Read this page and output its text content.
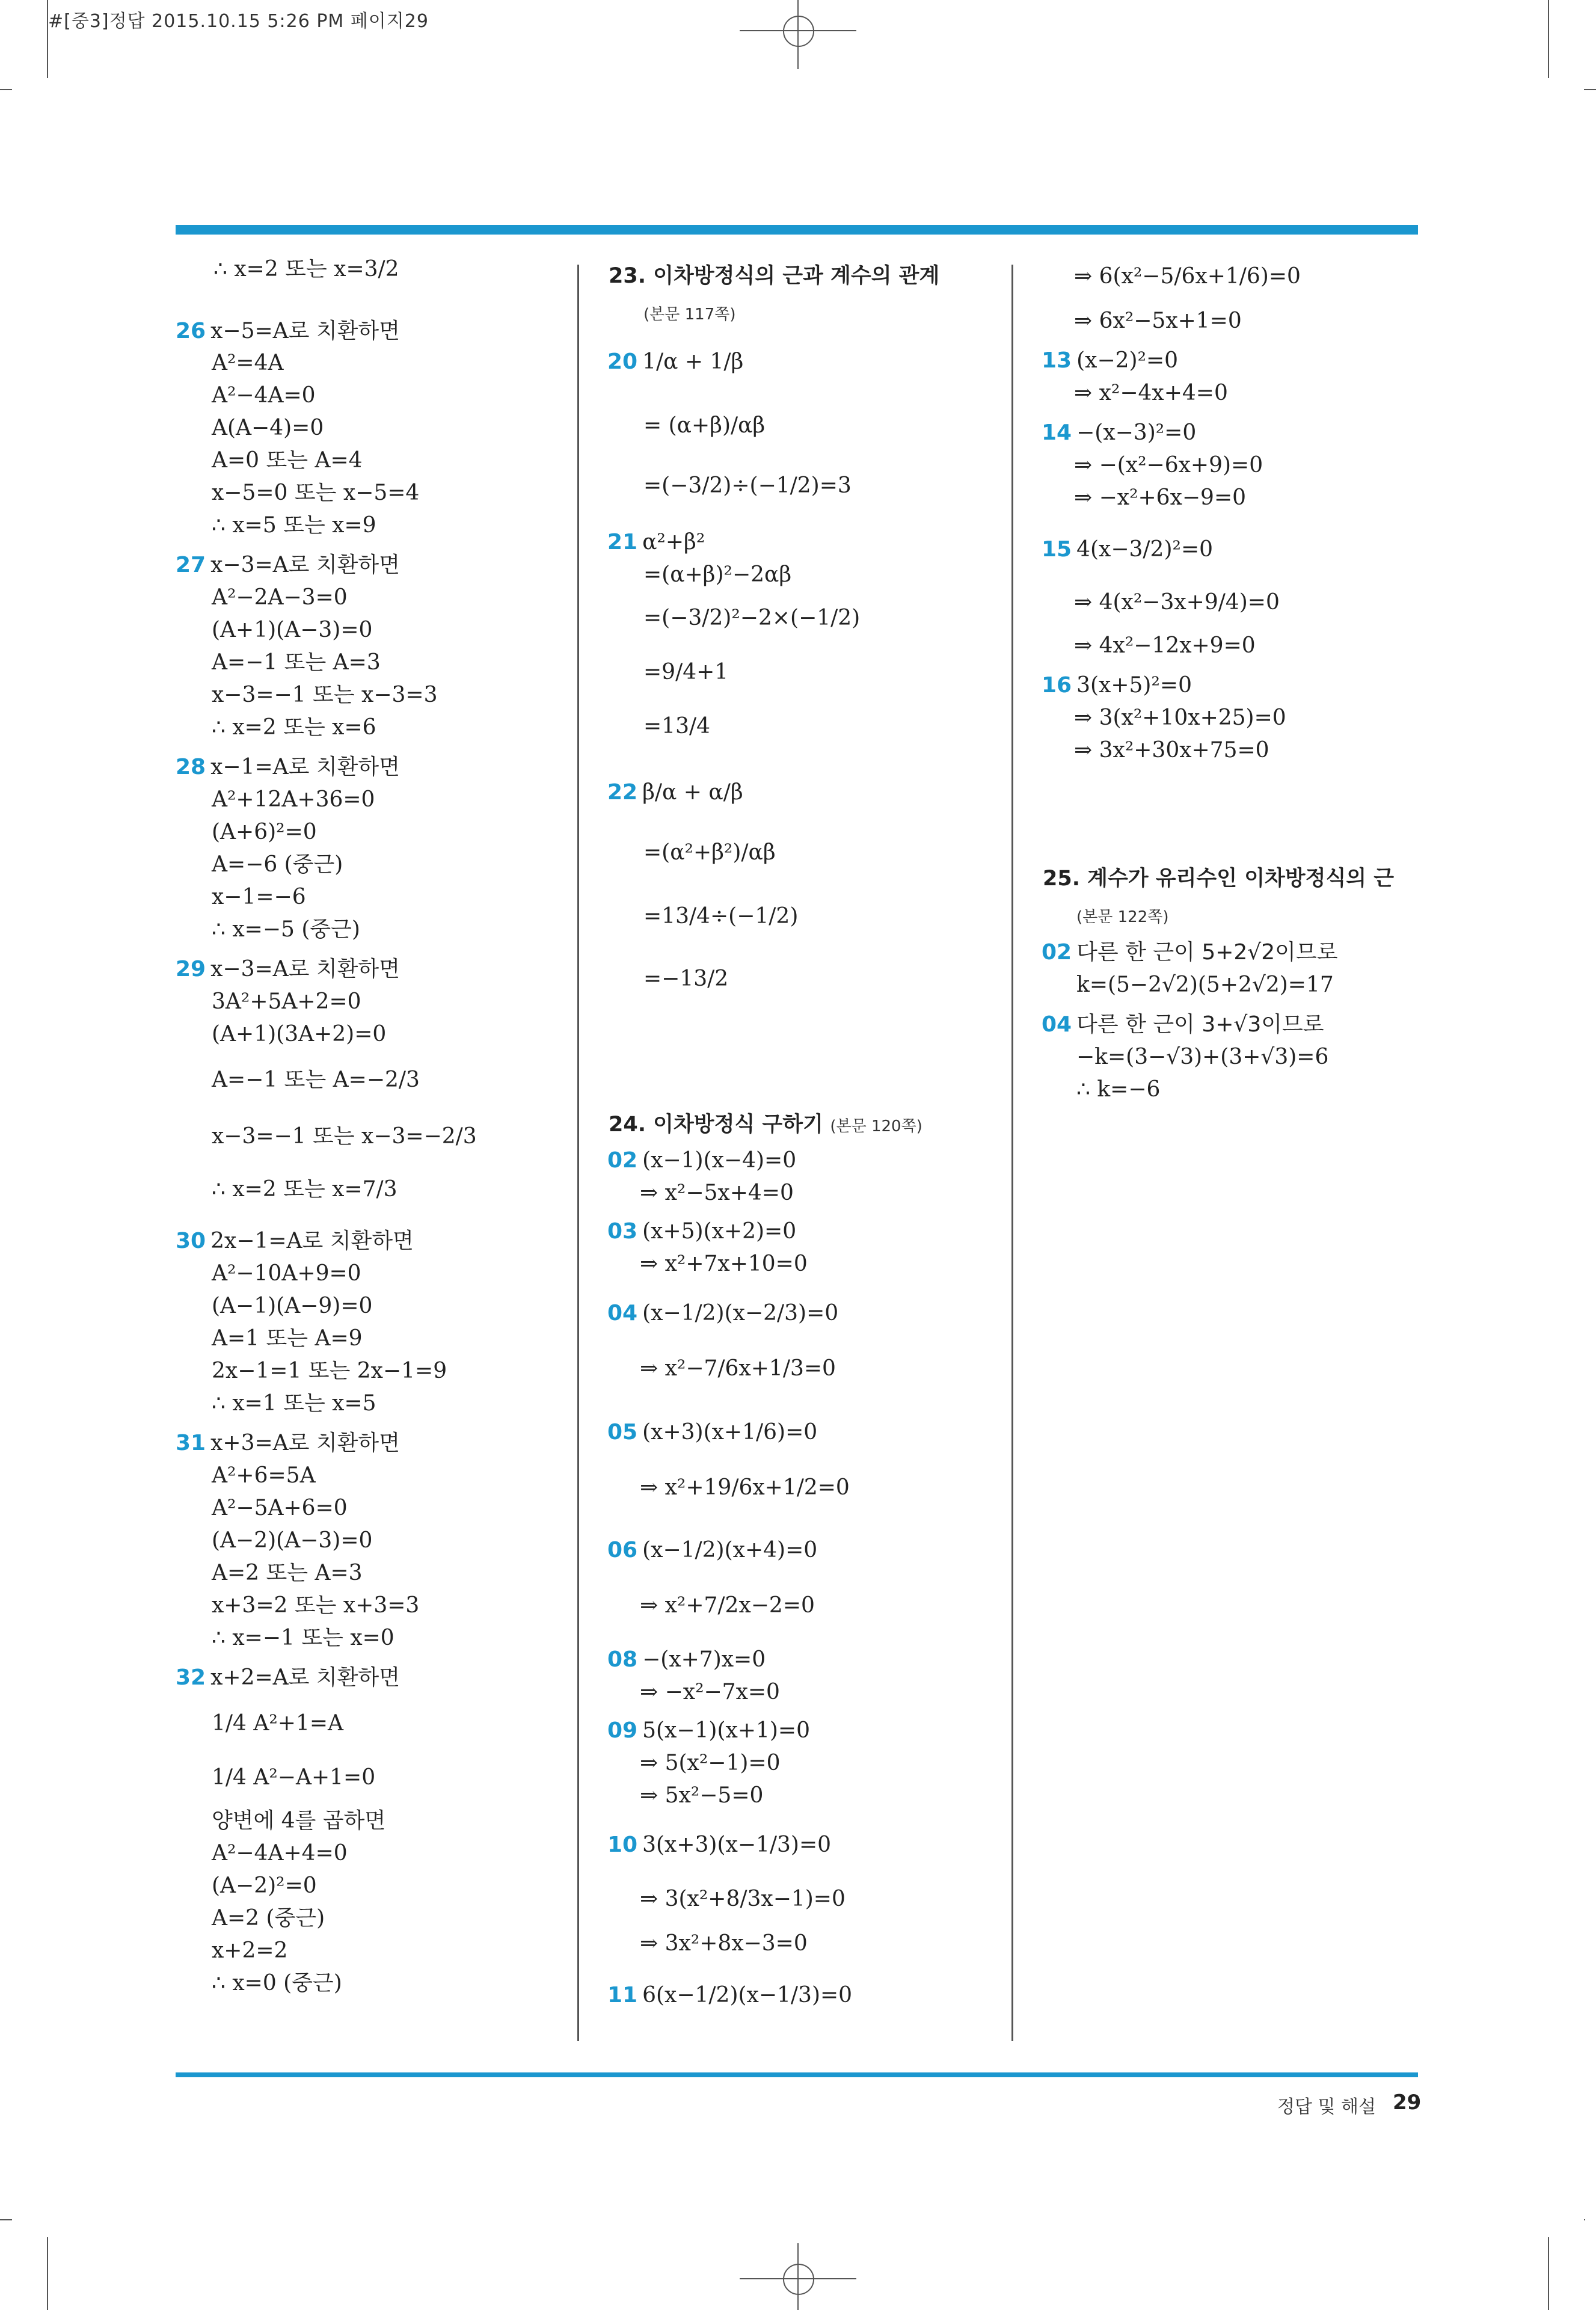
#[중3]정답 2015.10.15 5:26 PM 페이지29
∴ x=2 또는 x=3/2
26 x−5=A로 치환하면
A²=4A
A²−4A=0
A(A−4)=0
A=0 또는 A=4
x−5=0 또는 x−5=4
∴ x=5 또는 x=9
27 x−3=A로 치환하면
A²−2A−3=0
(A+1)(A−3)=0
A=−1 또는 A=3
x−3=−1 또는 x−3=3
∴ x=2 또는 x=6
28 x−1=A로 치환하면
A²+12A+36=0
(A+6)²=0
A=−6 (중근)
x−1=−6
∴ x=−5 (중근)
29 x−3=A로 치환하면
3A²+5A+2=0
(A+1)(3A+2)=0
A=−1 또는 A=−2/3
x−3=−1 또는 x−3=−2/3
∴ x=2 또는 x=7/3
30 2x−1=A로 치환하면
A²−10A+9=0
(A−1)(A−9)=0
A=1 또는 A=9
2x−1=1 또는 2x−1=9
∴ x=1 또는 x=5
31 x+3=A로 치환하면
A²+6=5A
A²−5A+6=0
(A−2)(A−3)=0
A=2 또는 A=3
x+3=2 또는 x+3=3
∴ x=−1 또는 x=0
32 x+2=A로 치환하면
1/4 A²+1=A
1/4 A²−A+1=0
양변에 4를 곱하면
A²−4A+4=0
(A−2)²=0
A=2 (중근)
x+2=2
∴ x=0 (중근)
23. 이차방정식의 근과 계수의 관계
(본문 117쪽)
20 1/α + 1/β
= (α+β)/αβ
=(−3/2)÷(−1/2)=3
21 α²+β²
=(α+β)²−2αβ
=(−3/2)²−2×(−1/2)
=9/4+1
=13/4
22 β/α + α/β
=(α²+β²)/αβ
=13/4÷(−1/2)
=−13/2
24. 이차방정식 구하기 (본문 120쪽)
02 (x−1)(x−4)=0
⇒ x²−5x+4=0
03 (x+5)(x+2)=0
⇒ x²+7x+10=0
04 (x−1/2)(x−2/3)=0
⇒ x²−7/6x+1/3=0
05 (x+3)(x+1/6)=0
⇒ x²+19/6x+1/2=0
06 (x−1/2)(x+4)=0
⇒ x²+7/2x−2=0
08 −(x+7)x=0
⇒ −x²−7x=0
09 5(x−1)(x+1)=0
⇒ 5(x²−1)=0
⇒ 5x²−5=0
10 3(x+3)(x−1/3)=0
⇒ 3(x²+8/3x−1)=0
⇒ 3x²+8x−3=0
11 6(x−1/2)(x−1/3)=0
⇒ 6(x²−5/6x+1/6)=0
⇒ 6x²−5x+1=0
13 (x−2)²=0
⇒ x²−4x+4=0
14 −(x−3)²=0
⇒ −(x²−6x+9)=0
⇒ −x²+6x−9=0
15 4(x−3/2)²=0
⇒ 4(x²−3x+9/4)=0
⇒ 4x²−12x+9=0
16 3(x+5)²=0
⇒ 3(x²+10x+25)=0
⇒ 3x²+30x+75=0
25. 계수가 유리수인 이차방정식의 근
(본문 122쪽)
02 다른 한 근이 5+2√2이므로
k=(5−2√2)(5+2√2)=17
04 다른 한 근이 3+√3이므로
−k=(3−√3)+(3+√3)=6
∴ k=−6
정답 및 해설 29
